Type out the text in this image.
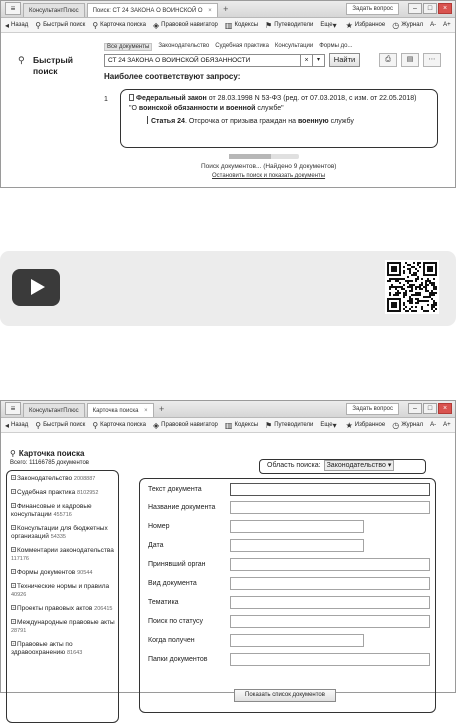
≡	КонсультантПлюс	Поиск: СТ 24 ЗАКОНА О ВОИНСКОЙ О ×	+	Задать вопрос	–	□	×
◂ Назад ⚲ Быстрый поиск ⚲ Карточка поиска ◈ Правовой навигатор ▥ Кодексы ⚑ Путеводители Еще ▾ ★ Избранное ◷ Журнал A- A+
⚲ Быстрый поиск
Все документы	Законодательство Судебная практика Консультации Формы до...
СТ 24 ЗАКОНА О ВОИНСКОЙ ОБЯЗАННОСТИ	×	▾	Найти	⎙	▤	⋯
Наиболее соответствуют запросу:
1	Федеральный закон от 28.03.1998 N 53-ФЗ (ред. от 07.03.2018, с изм. от 22.05.2018)
"О воинской обязанности и военной службе"
Статья 24. Отсрочка от призыва граждан на военную службу
Поиск документов... (Найдено 9 документов)
Остановить поиск и показать документы
≡	КонсультантПлюс	Карточка поиска ×	+	Задать вопрос	–	□	×
◂ Назад ⚲ Быстрый поиск ⚲ Карточка поиска ◈ Правовой навигатор ▥ Кодексы ⚑ Путеводители Еще ▾ ★ Избранное ◷ Журнал A- A+
⚲ Карточка поиска
Всего: 11166785 документов
+ Законодательство 2008887
+ Судебная практика 8102952
+ Финансовые и кадровые консультации 455716
+ Консультации для бюджетных организаций 54335
+ Комментарии законодательства 117176
+ Формы документов 90544
+ Технические нормы и правила 40926
+ Проекты правовых актов 206415
+ Международные правовые акты 28791
+ Правовые акты по здравоохранению 81643
Область поиска: Законодательство ▾
Показать список документов
Текст документа
Название документа
Номер
Дата
Принявший орган
Вид документа
Тематика
Поиск по статусу
Когда получен
Папки документов
